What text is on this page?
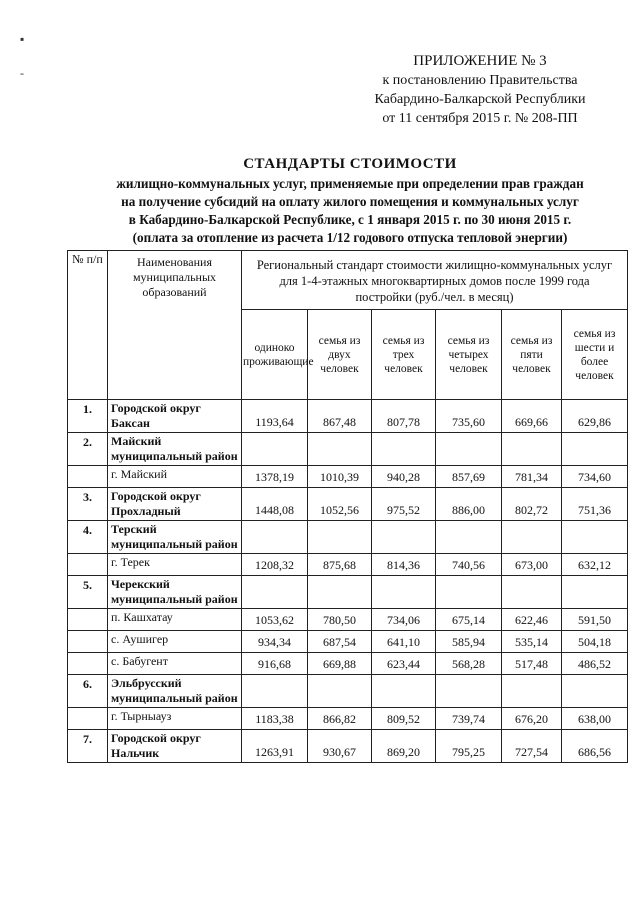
▪
-
ПРИЛОЖЕНИЕ № 3
к постановлению Правительства
Кабардино-Балкарской Республики
от 11 сентября 2015 г. № 208-ПП
СТАНДАРТЫ СТОИМОСТИ
жилищно-коммунальных услуг, применяемые при определении прав граждан
на получение субсидий на оплату жилого помещения и коммунальных услуг
в Кабардино-Балкарской Республике, с 1 января 2015 г. по 30 июня 2015 г.
(оплата за отопление из расчета 1/12 годового отпуска тепловой энергии)
№ п/п	Наименования муниципальных образований	Региональный стандарт стоимости жилищно-коммунальных услуг для 1-4-этажных многоквартирных домов после 1999 года постройки (руб./чел. в месяц)					
		одиноко проживающие	семья из двух человек	семья из трех человек	семья из четырех человек	семья из пяти человек	семья из шести и более человек
1.	Городской округ Баксан	1193,64	867,48	807,78	735,60	669,66	629,86
2.	Майский муниципальный район						
	г. Майский	1378,19	1010,39	940,28	857,69	781,34	734,60
3.	Городской округ Прохладный	1448,08	1052,56	975,52	886,00	802,72	751,36
4.	Терский муниципальный район						
	г. Терек	1208,32	875,68	814,36	740,56	673,00	632,12
5.	Черекский муниципальный район						
	п. Кашхатау	1053,62	780,50	734,06	675,14	622,46	591,50
	с. Аушигер	934,34	687,54	641,10	585,94	535,14	504,18
	с. Бабугент	916,68	669,88	623,44	568,28	517,48	486,52
6.	Эльбрусский муниципальный район						
	г. Тырныауз	1183,38	866,82	809,52	739,74	676,20	638,00
7.	Городской округ Нальчик	1263,91	930,67	869,20	795,25	727,54	686,56
